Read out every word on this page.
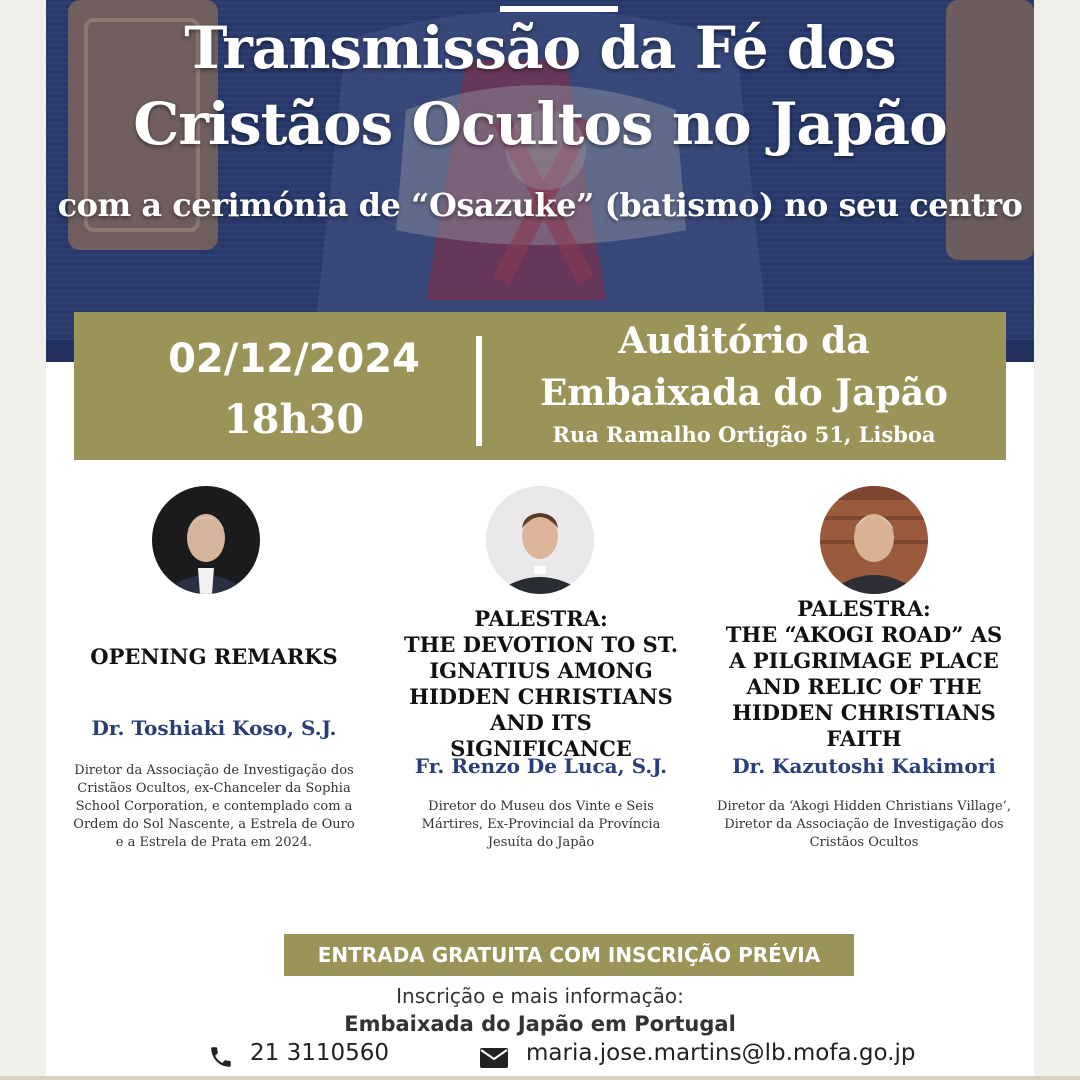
Transmissão da Fé dos
Cristãos Ocultos no Japão
com a cerimónia de “Osazuke” (batismo) no seu centro
02/12/2024
18h30
Auditório da
Embaixada do Japão
Rua Ramalho Ortigão 51, Lisboa
OPENING REMARKS
Dr. Toshiaki Koso, S.J.
Diretor da Associação de Investigação dos
Cristãos Ocultos, ex-Chanceler da Sophia
School Corporation, e contemplado com a
Ordem do Sol Nascente, a Estrela de Ouro
e a Estrela de Prata em 2024.
PALESTRA:
THE DEVOTION TO ST.
IGNATIUS AMONG
HIDDEN CHRISTIANS
AND ITS SIGNIFICANCE
Fr. Renzo De Luca, S.J.
Diretor do Museu dos Vinte e Seis
Mártires, Ex-Provincial da Província
Jesuíta do Japão
PALESTRA:
THE “AKOGI ROAD” AS
A PILGRIMAGE PLACE
AND RELIC OF THE
HIDDEN CHRISTIANS
FAITH
Dr. Kazutoshi Kakimori
Diretor da ‘Akogi Hidden Christians Village’,
Diretor da Associação de Investigação dos
Cristãos Ocultos
ENTRADA GRATUITA COM INSCRIÇÃO PRÉVIA
Inscrição e mais informação:
Embaixada do Japão em Portugal
21 3110560	maria.jose.martins@lb.mofa.go.jp
